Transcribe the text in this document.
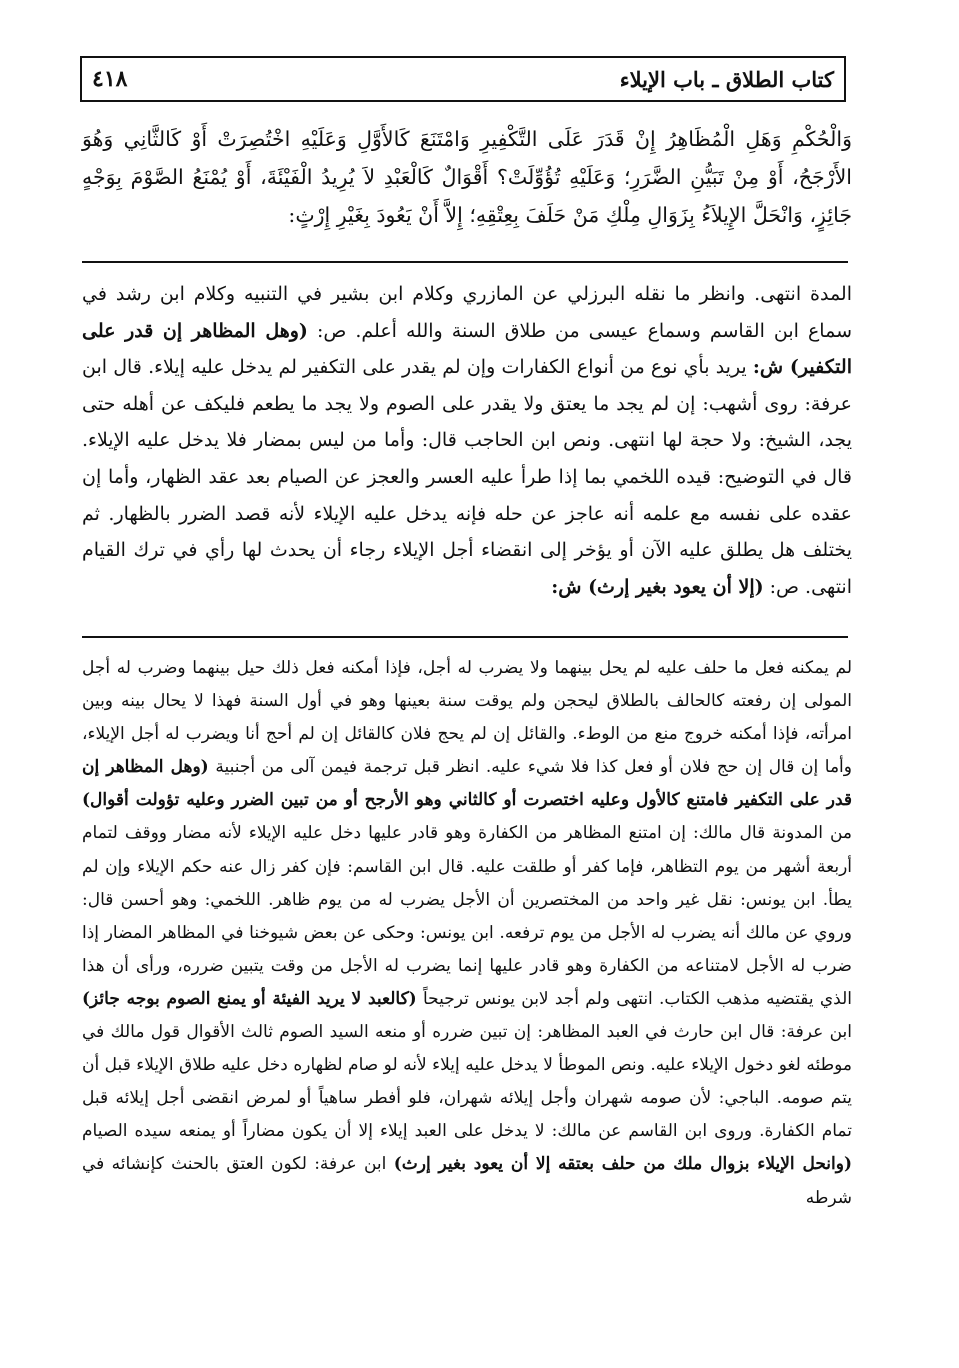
كتاب الطلاق ـ باب الإيلاء
٤١٨

وَالْحُكْمِ وَهَلِ الْمُظَاهِرُ إِنْ قَدَرَ عَلَى التَّكْفِيرِ وَامْتَنَعَ كَالأَوَّلِ وَعَلَيْهِ اخْتُصِرَتْ أَوْ كَالثَّانِي وَهُوَ الأَرْجَحُ، أَوْ مِنْ تَبَيُّنِ الضَّرَرِ؛ وَعَلَيْهِ تُؤُوِّلَتْ؟ أَقْوَالٌ كَالْعَبْدِ لاَ يُرِيدُ الْفَيْئَةَ، أَوْ يُمْنَعُ الصَّوْمَ بِوَجْهٍ جَائِزٍ، وَانْحَلَّ الإِيلاَءُ بِزَوَالِ مِلْكِ مَنْ حَلَفَ بِعِتْقِهِ؛ إِلاَّ أَنْ يَعُودَ بِغَيْرِ إِرْثٍ:

المدة انتهى. وانظر ما نقله البرزلي عن المازري وكلام ابن بشير في التنبيه وكلام ابن رشد في سماع ابن القاسم وسماع عيسى من طلاق السنة والله أعلم. ص: (وهل المظاهر إن قدر على التكفير) ش: يريد بأي نوع من أنواع الكفارات وإن لم يقدر على التكفير لم يدخل عليه إيلاء. قال ابن عرفة: روى أشهب: إن لم يجد ما يعتق ولا يقدر على الصوم ولا يجد ما يطعم فليكف عن أهله حتى يجد، الشيخ: ولا حجة لها انتهى. ونص ابن الحاجب قال: وأما من ليس بمضار فلا يدخل عليه الإيلاء. قال في التوضيح: قيده اللخمي بما إذا طرأ عليه العسر والعجز عن الصيام بعد عقد الظهار، وأما إن عقده على نفسه مع علمه أنه عاجز عن حله فإنه يدخل عليه الإيلاء لأنه قصد الضرر بالظهار. ثم يختلف هل يطلق عليه الآن أو يؤخر إلى انقضاء أجل الإيلاء رجاء أن يحدث لها رأي في ترك القيام انتهى. ص: (إلا أن يعود بغير إرث) ش:

لم يمكنه فعل ما حلف عليه لم يحل بينهما ولا يضرب له أجل، فإذا أمكنه فعل ذلك حيل بينهما وضرب له أجل المولى إن رفعته كالحالف بالطلاق ليحجن ولم يوقت سنة بعينها وهو في أول السنة فهذا لا يحال بينه وبين امرأته، فإذا أمكنه خروج منع من الوطء. والقائل إن لم يحج فلان كالقائل إن لم أحج أنا ويضرب له أجل الإيلاء، وأما إن قال إن حج فلان أو فعل كذا فلا شيء عليه. انظر قبل ترجمة فيمن آلى من أجنبية (وهل المظاهر إن قدر على التكفير فامتنع كالأول وعليه اختصرت أو كالثاني وهو الأرجح أو من تبين الضرر وعليه تؤولت أقوال) من المدونة قال مالك: إن امتنع المظاهر من الكفارة وهو قادر عليها دخل عليه الإيلاء لأنه مضار ووقف لتمام أربعة أشهر من يوم التظاهر، فإما كفر أو طلقت عليه. قال ابن القاسم: فإن كفر زال عنه حكم الإيلاء وإن لم يطأ. ابن يونس: نقل غير واحد من المختصرين أن الأجل يضرب له من يوم ظاهر. اللخمي: وهو أحسن قال: وروي عن مالك أنه يضرب له الأجل من يوم ترفعه. ابن يونس: وحكى عن بعض شيوخنا في المظاهر المضار إذا ضرب له الأجل لامتناعه من الكفارة وهو قادر عليها إنما يضرب له الأجل من وقت يتبين ضرره، ورأى أن هذا الذي يقتضيه مذهب الكتاب. انتهى ولم أجد لابن يونس ترجيحاً (كالعبد لا يريد الفيئة أو يمنع الصوم بوجه جائز) ابن عرفة: قال ابن حارث في العبد المظاهر: إن تبين ضرره أو منعه السيد الصوم ثالث الأقوال قول مالك في موطئه لغو دخول الإيلاء عليه. ونص الموطأ لا يدخل عليه إيلاء لأنه لو صام لظهاره دخل عليه طلاق الإيلاء قبل أن يتم صومه. الباجي: لأن صومه شهران وأجل إيلائه شهران، فلو أفطر ساهياً أو لمرض انقضى أجل إيلائه قبل تمام الكفارة. وروى ابن القاسم عن مالك: لا يدخل على العبد إيلاء إلا أن يكون مضاراً أو يمنعه سيده الصيام (وانحل الإيلاء بزوال ملك من حلف بعتقه إلا أن يعود بغير إرث) ابن عرفة: لكون العتق بالحنث كإنشائه في شرطه
